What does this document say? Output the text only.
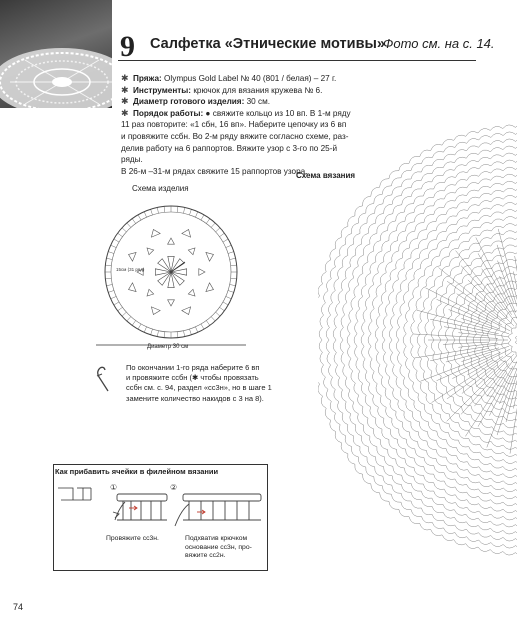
9 Салфетка «Этнические мотивы»
Фото см. на с. 14.
✱ Пряжа: Olympus Gold Label № 40 (801 / белая) – 27 г.
✱ Инструменты: крючок для вязания кружева № 6.
✱ Диаметр готового изделия: 30 см.
✱ Порядок работы: ● свяжите кольцо из 10 вп. В 1-м ряду
11 раз повторите: «1 сбн, 16 вп». Наберите цепочку из 6 вп
и провяжите ссбн. Во 2-м ряду вяжите согласно схеме, раз-
делив работу на 6 раппортов. Вяжите узор с 3-го по 25-й ряды.
В 26-м –31-м рядах свяжите 15 раппортов узора.
Схема вязания
Схема изделия
15см (31 ряд)
Диаметр 30 см
По окончании 1-го ряда наберите 6 вп
и провяжите ссбн (✱ чтобы провязать
ссбн см. с. 94, раздел «сс3н», но в шаге 1
замените количество накидов с 3 на 8).
Как прибавить ячейки в филейном вязании
①	②
Провяжите сс3н.	Подхватив крючком
основание сс3н, про-
вяжите сс2н.
74
